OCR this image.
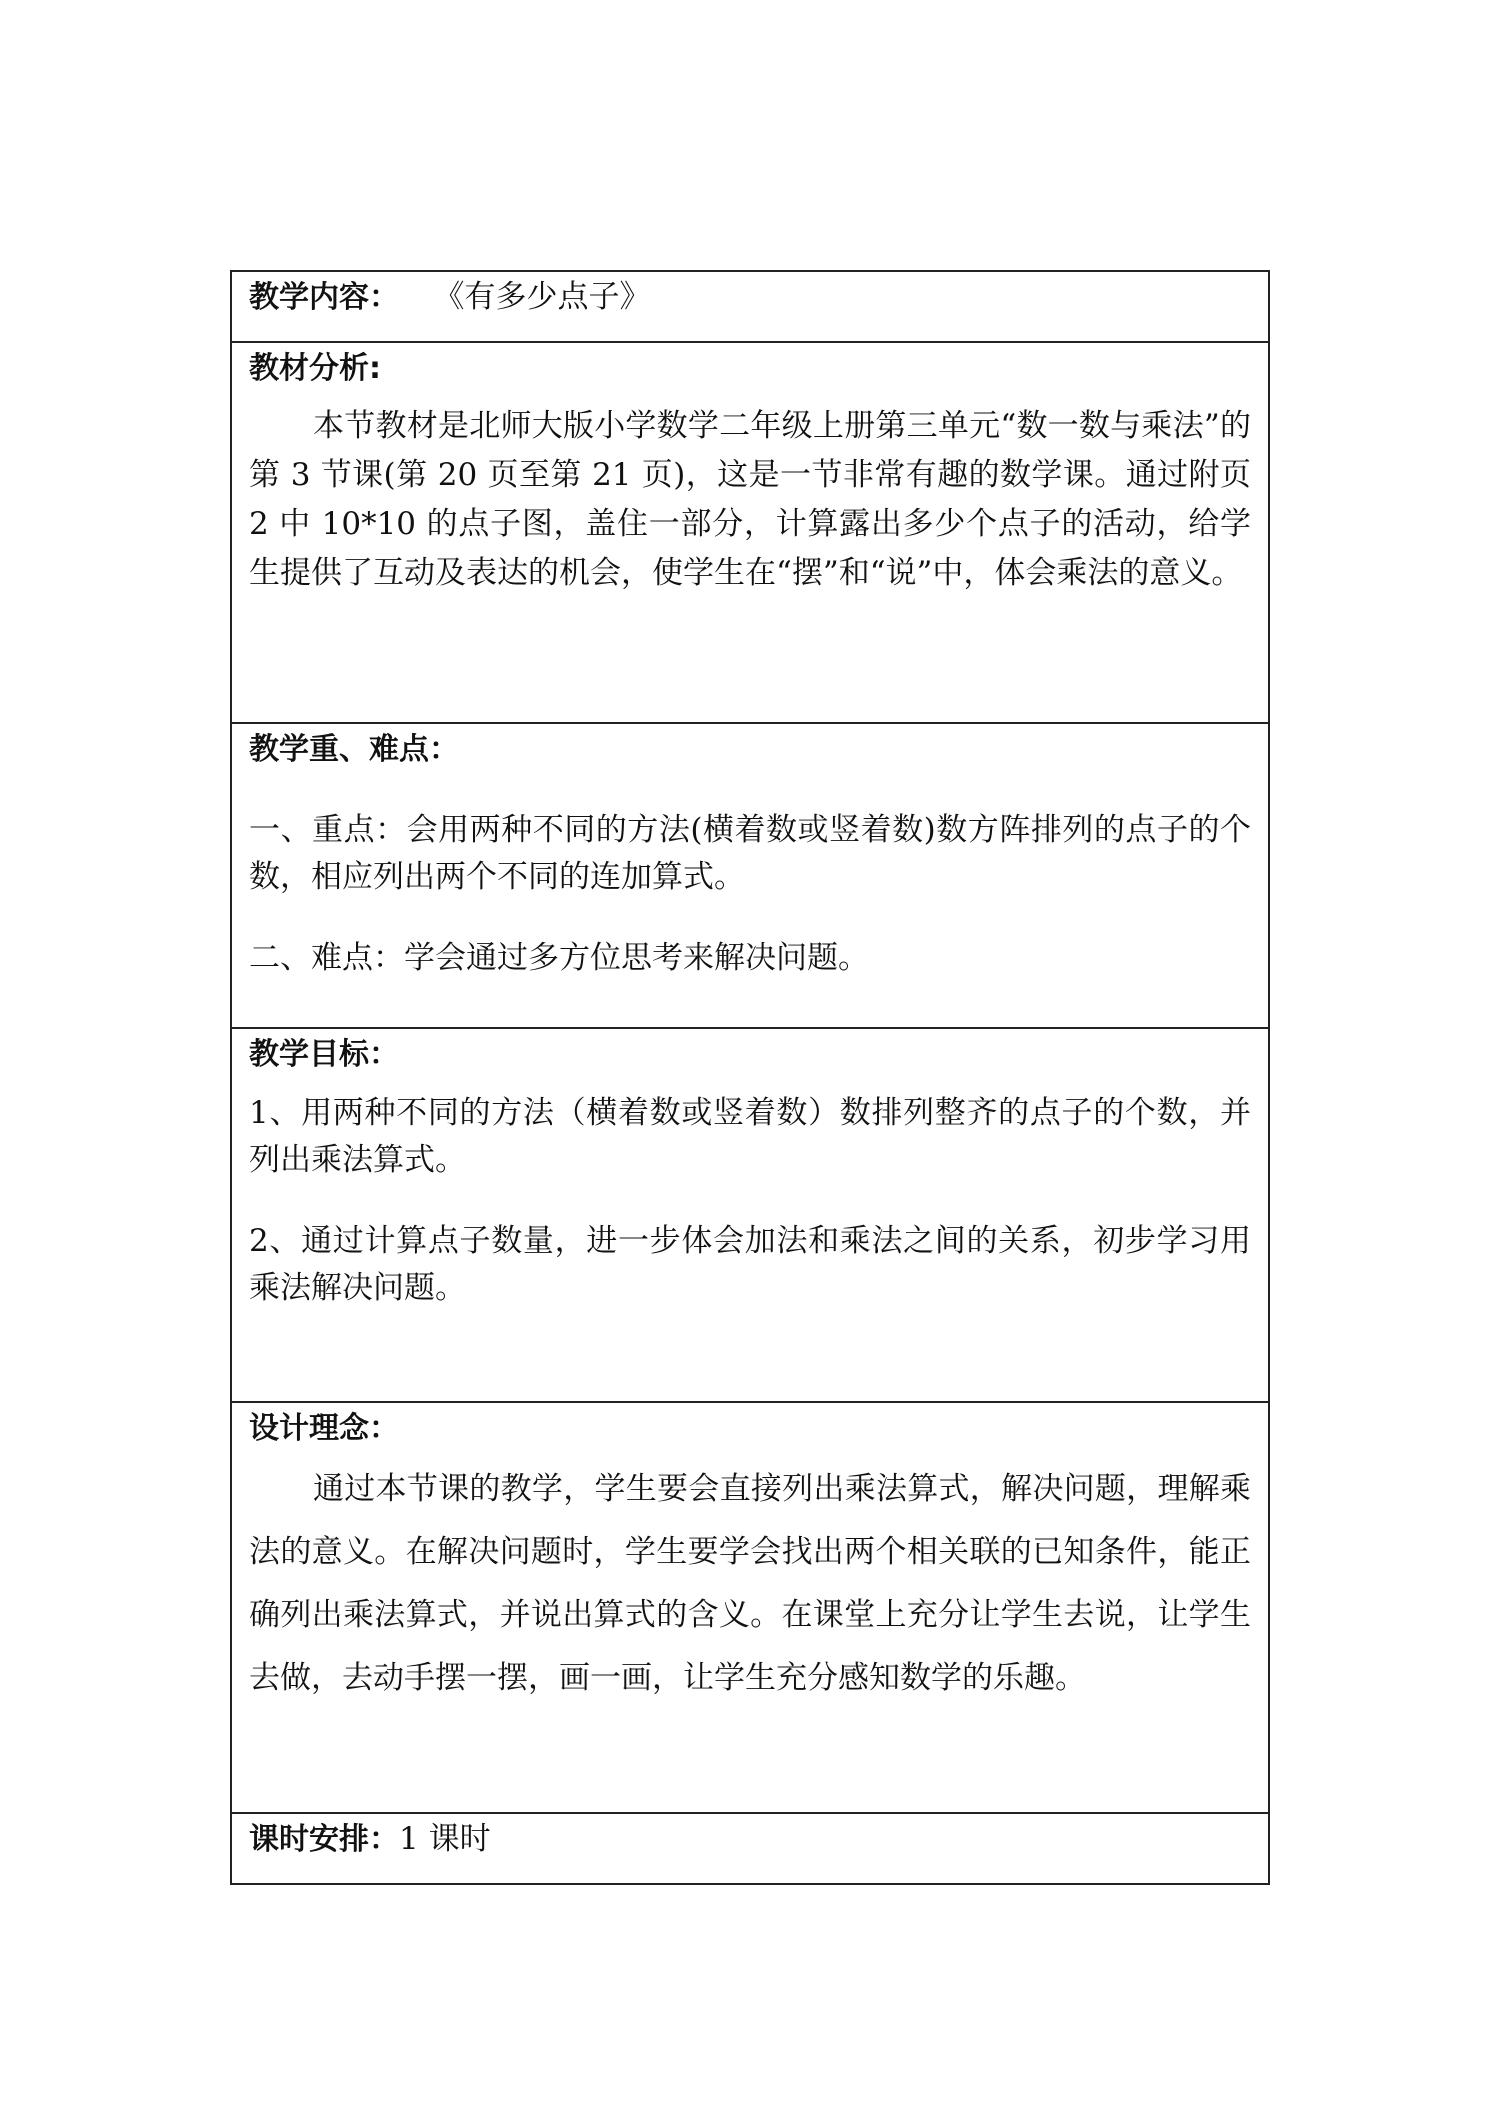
教学内容： 《有多少点子》

教材分析:

本节教材是北师大版小学数学二年级上册第三单元“数一数与乘法”的第 3 节课(第 20 页至第 21 页)，这是一节非常有趣的数学课。通过附页 2 中 10*10 的点子图，盖住一部分，计算露出多少个点子的活动，给学生提供了互动及表达的机会，使学生在“摆”和“说”中，体会乘法的意义。

教学重、难点：

一、重点：会用两种不同的方法(横着数或竖着数)数方阵排列的点子的个数，相应列出两个不同的连加算式。

二、难点：学会通过多方位思考来解决问题。

教学目标：

1、用两种不同的方法（横着数或竖着数）数排列整齐的点子的个数，并列出乘法算式。

2、通过计算点子数量，进一步体会加法和乘法之间的关系，初步学习用乘法解决问题。

设计理念：

通过本节课的教学，学生要会直接列出乘法算式，解决问题，理解乘法的意义。在解决问题时，学生要学会找出两个相关联的已知条件，能正确列出乘法算式，并说出算式的含义。在课堂上充分让学生去说，让学生去做，去动手摆一摆，画一画，让学生充分感知数学的乐趣。

课时安排：1 课时
